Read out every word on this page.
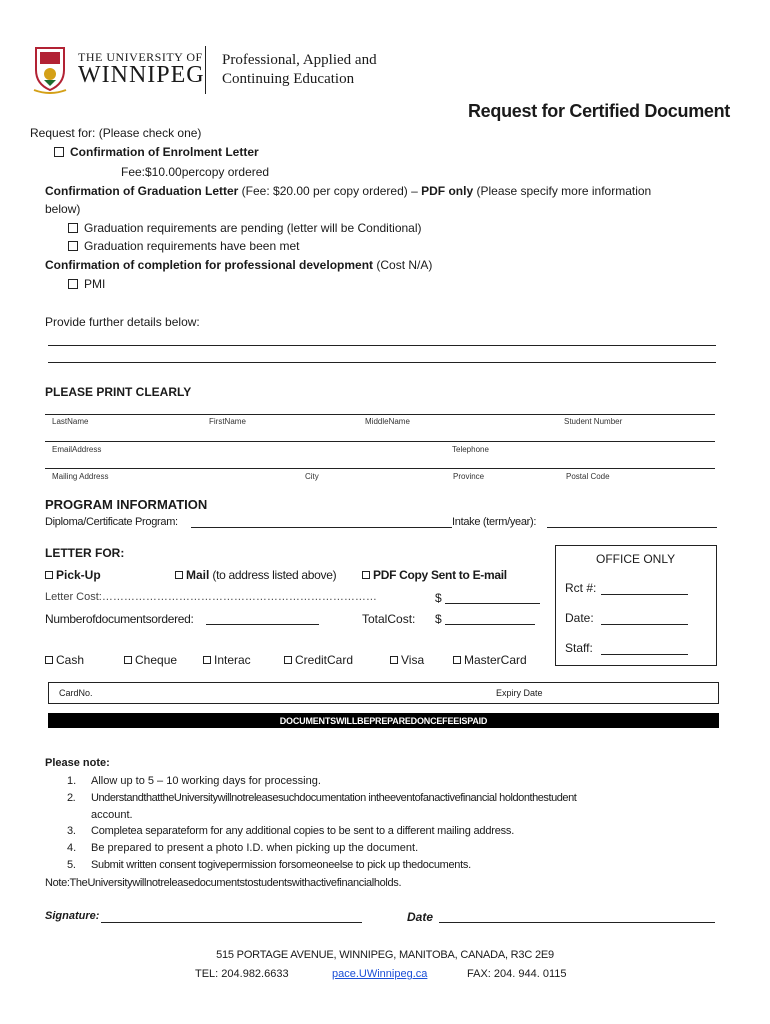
THE UNIVERSITY OF
WINNIPEG
Professional, Applied and
Continuing Education
Request for Certified Document
Request for: (Please check one)
Confirmation of Enrolment Letter
Fee:$10.00percopy ordered
Confirmation of Graduation Letter (Fee: $20.00 per copy ordered) – PDF only (Please specify more information
below)
Graduation requirements are pending (letter will be Conditional)
Graduation requirements have been met
Confirmation of completion for professional development (Cost N/A)
PMI
Provide further details below:
PLEASE PRINT CLEARLY
LastName	FirstName	MiddleName	Student Number
EmailAddress	Telephone
Mailing Address	City	Province	Postal Code
PROGRAM INFORMATION
Diploma/Certificate Program:	Intake (term/year):
LETTER FOR:
Pick-Up	Mail (to address listed above)	PDF Copy Sent to E-mail
Letter Cost:…………………………………………………………………	$
Numberofdocumentsordered:	TotalCost: $
Cash	Cheque	Interac	CreditCard	Visa	MasterCard
OFFICE ONLY
Rct #:
Date:
Staff:
CardNo.	Expiry Date
DOCUMENTSWILLBEPREPAREDONCEFEEISPAID
Please note:
1. Allow up to 5 – 10 working days for processing.
2. UnderstandthattheUniversitywillnotreleasesuchdocumentation intheeventofanactivefinancial holdonthestudent
account.
3. Completea separateform for any additional copies to be sent to a different mailing address.
4. Be prepared to present a photo I.D. when picking up the document.
5. Submit written consent togivepermission forsomeoneelse to pick up thedocuments.
Note:TheUniversitywillnotreleasedocumentstostudentswithactivefinancialholds.
Signature:	Date
515 PORTAGE AVENUE, WINNIPEG, MANITOBA, CANADA, R3C 2E9
TEL: 204.982.6633	pace.UWinnipeg.ca	FAX: 204. 944. 0115
